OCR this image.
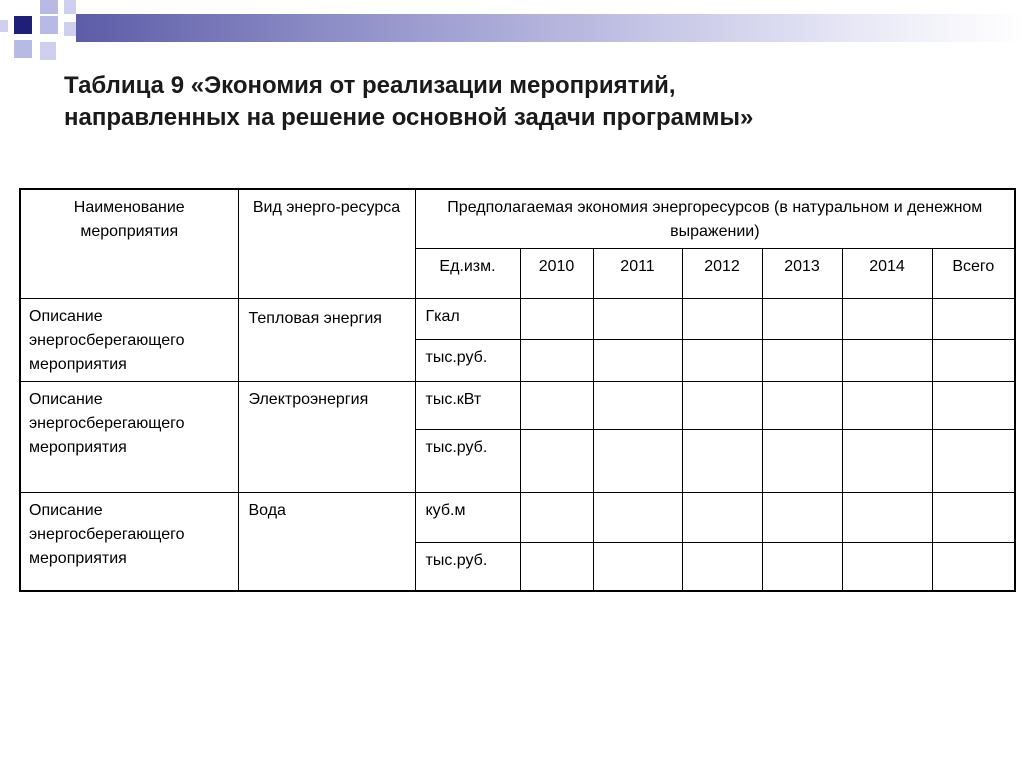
Таблица 9 «Экономия от реализации мероприятий,
направленных на решение основной задачи программы»
Наименование мероприятия	Вид энерго-ресурса	Предполагаемая экономия энергоресурсов (в натуральном и денежном выражении)						
		Ед.изм.	2010	2011	2012	2013	2014	Всего
Описание энергосберегающего мероприятия	Тепловая энергия	Гкал						
		тыс.руб.						
Описание энергосберегающего мероприятия	Электроэнергия	тыс.кВт						
		тыс.руб.						
Описание энергосберегающего мероприятия	Вода	куб.м						
		тыс.руб.						
